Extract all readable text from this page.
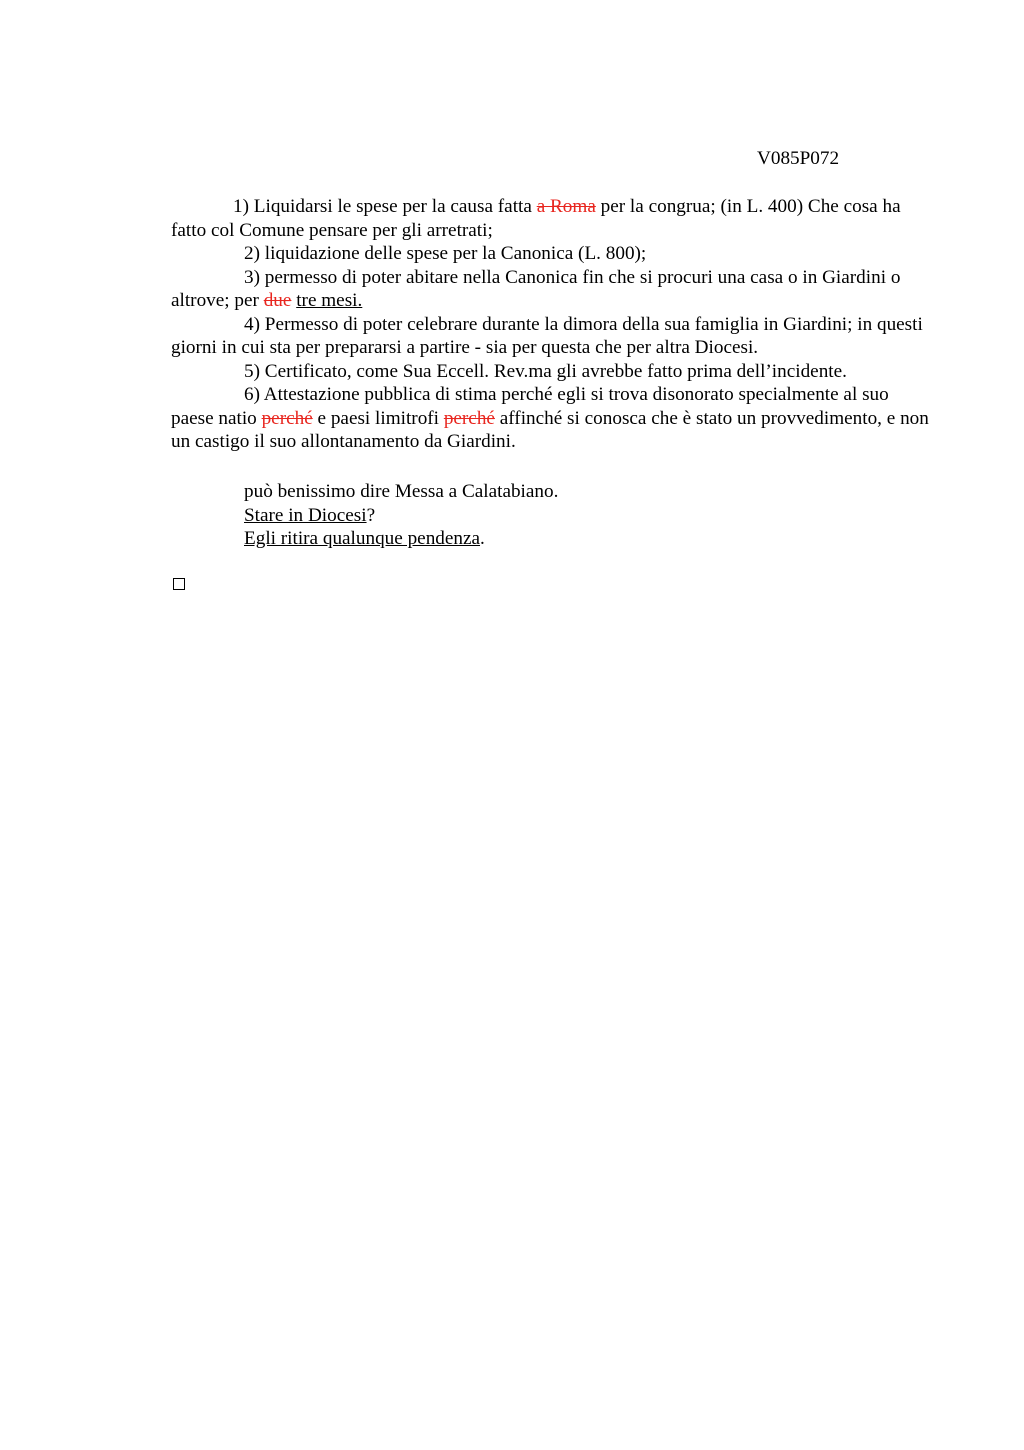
V085P072

1) Liquidarsi le spese per la causa fatta a Roma per la congrua; (in L. 400) Che cosa ha fatto col Comune pensare per gli arretrati;

2) liquidazione delle spese per la Canonica (L. 800);

3) permesso di poter abitare nella Canonica fin che si procuri una casa o in Giardini o altrove; per due tre mesi.

4) Permesso di poter celebrare durante la dimora della sua famiglia in Giardini; in questi giorni in cui sta per prepararsi a partire - sia per questa che per altra Diocesi.

5) Certificato, come Sua Eccell. Rev.ma gli avrebbe fatto prima dell’incidente.

6) Attestazione pubblica di stima perché egli si trova disonorato specialmente al suo paese natio perché e paesi limitrofi perché affinché si conosca che è stato un provvedimento, e non un castigo il suo allontanamento da Giardini.

può benissimo dire Messa a Calatabiano.

Stare in Diocesi?

Egli ritira qualunque pendenza.
